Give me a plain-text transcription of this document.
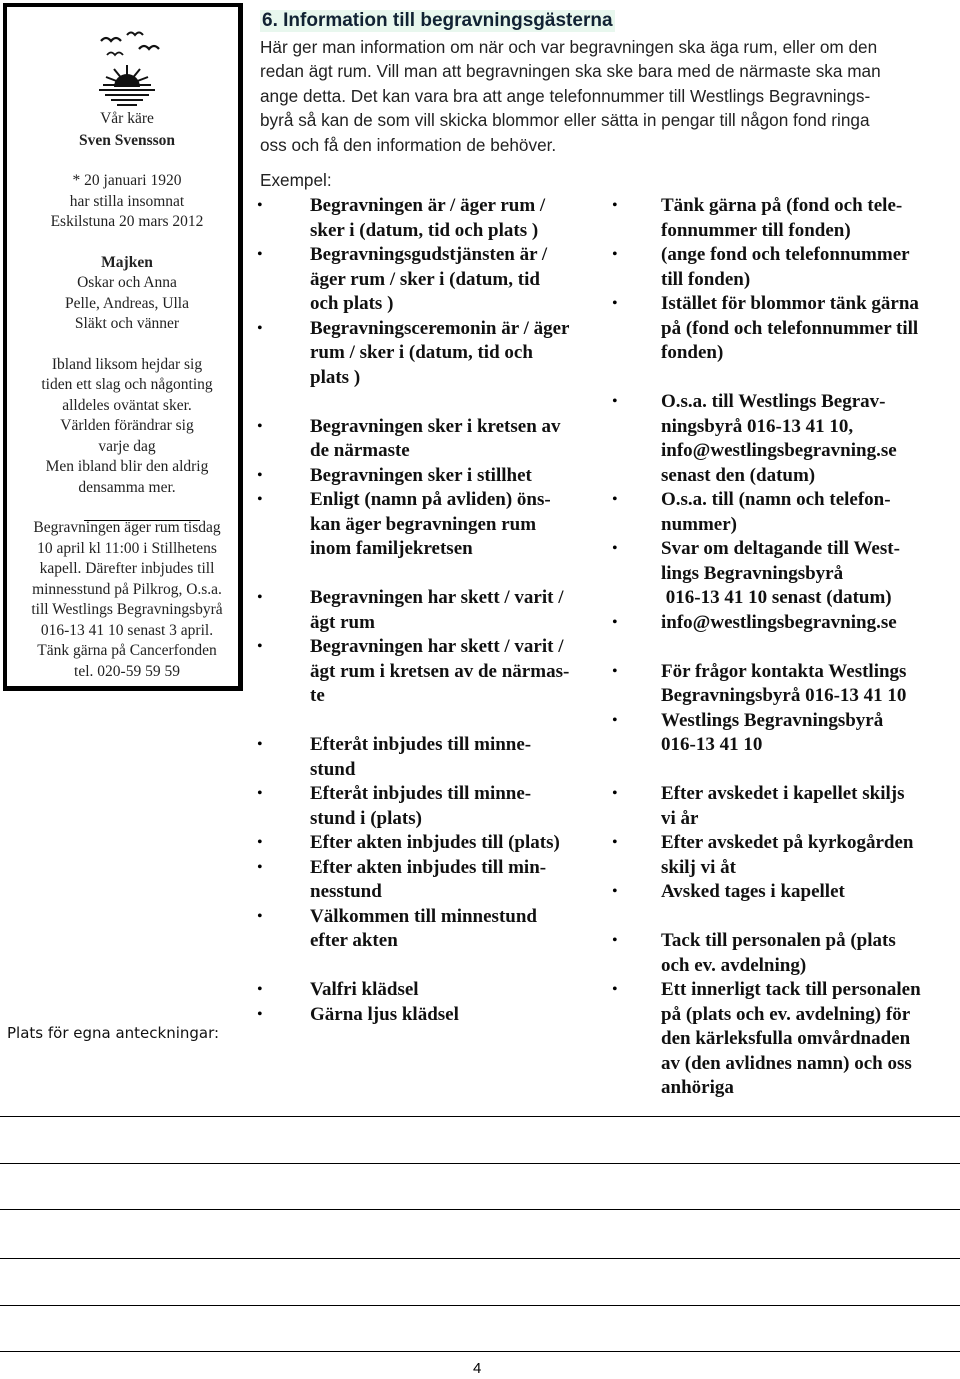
Vår käre
Sven Svensson
* 20 januari 1920
har stilla insomnat
Eskilstuna 20 mars 2012
Majken
Oskar och Anna
Pelle, Andreas, Ulla
Släkt och vänner
Ibland liksom hejdar sig
tiden ett slag och någonting
alldeles oväntat sker.
Världen förändrar sig
varje dag
Men ibland blir den aldrig
densamma mer.
Begravningen äger rum tisdag
10 april kl 11:00 i Stillhetens
kapell. Därefter inbjudes till
minnesstund på Pilkrog, O.s.a.
till Westlings Begravningsbyrå
016-13 41 10 senast 3 april.
Tänk gärna på Cancerfonden
tel. 020-59 59 59
Plats för egna anteckningar:
6. Information till begravningsgästerna
Här ger man information om när och var begravningen ska äga rum, eller om den
redan ägt rum. Vill man att begravningen ska ske bara med de närmaste ska man
ange detta. Det kan vara bra att ange telefonnummer till Westlings Begravnings-
byrå så kan de som vill skicka blommor eller sätta in pengar till någon fond ringa
oss och få den information de behöver.
Exempel:
• Begravningen är / äger rum /
sker i (datum, tid och plats )
• Begravningsgudstjänsten är /
äger rum / sker i (datum, tid
och plats )
• Begravningsceremonin är / äger
rum / sker i (datum, tid och
plats )
• Begravningen sker i kretsen av
de närmaste
• Begravningen sker i stillhet
• Enligt (namn på avliden) öns-
kan äger begravningen rum
inom familjekretsen
• Begravningen har skett / varit /
ägt rum
• Begravningen har skett / varit /
ägt rum i kretsen av de närmas-
te
• Efteråt inbjudes till minne-
stund
• Efteråt inbjudes till minne-
stund i (plats)
• Efter akten inbjudes till (plats)
• Efter akten inbjudes till min-
nesstund
• Välkommen till minnestund
efter akten
• Valfri klädsel
• Gärna ljus klädsel
• Tänk gärna på (fond och tele-
fonnummer till fonden)
• (ange fond och telefonnummer
till fonden)
• Istället för blommor tänk gärna
på (fond och telefonnummer till
fonden)
• O.s.a. till Westlings Begrav-
ningsbyrå 016-13 41 10,
info@westlingsbegravning.se
senast den (datum)
• O.s.a. till (namn och telefon-
nummer)
• Svar om deltagande till West-
lings Begravningsbyrå
016-13 41 10 senast (datum)
• info@westlingsbegravning.se
• För frågor kontakta Westlings
Begravningsbyrå 016-13 41 10
• Westlings Begravningsbyrå
016-13 41 10
• Efter avskedet i kapellet skiljs
vi år
• Efter avskedet på kyrkogården
skilj vi åt
• Avsked tages i kapellet
• Tack till personalen på (plats
och ev. avdelning)
• Ett innerligt tack till personalen
på (plats och ev. avdelning) för
den kärleksfulla omvårdnaden
av (den avlidnes namn) och oss
anhöriga
4
